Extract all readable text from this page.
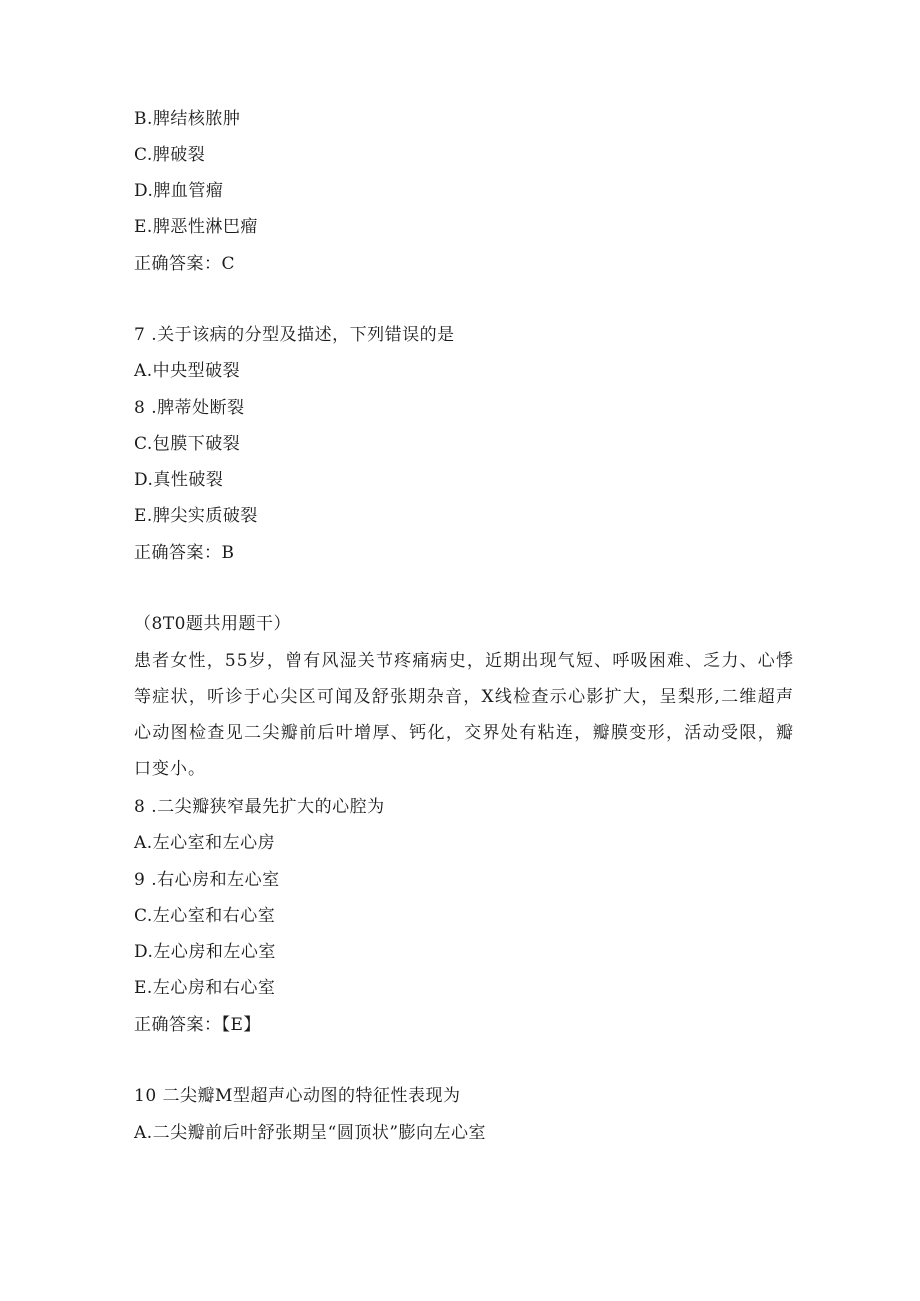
B.脾结核脓肿
C.脾破裂
D.脾血管瘤
E.脾恶性淋巴瘤
正确答案：C
7 .关于该病的分型及描述，下列错误的是
A.中央型破裂
8 .脾蒂处断裂
C.包膜下破裂
D.真性破裂
E.脾尖实质破裂
正确答案：B
（8T0题共用题干）
患者女性，55岁，曾有风湿关节疼痛病史，近期出现气短、呼吸困难、乏力、心悸等症状，听诊于心尖区可闻及舒张期杂音，X线检查示心影扩大，呈梨形,二维超声心动图检查见二尖瓣前后叶增厚、钙化，交界处有粘连，瓣膜变形，活动受限，瓣口变小。
8 .二尖瓣狭窄最先扩大的心腔为
A.左心室和左心房
9 .右心房和左心室
C.左心室和右心室
D.左心房和左心室
E.左心房和右心室
正确答案：【E】
10 二尖瓣M型超声心动图的特征性表现为
A.二尖瓣前后叶舒张期呈“圆顶状”膨向左心室
